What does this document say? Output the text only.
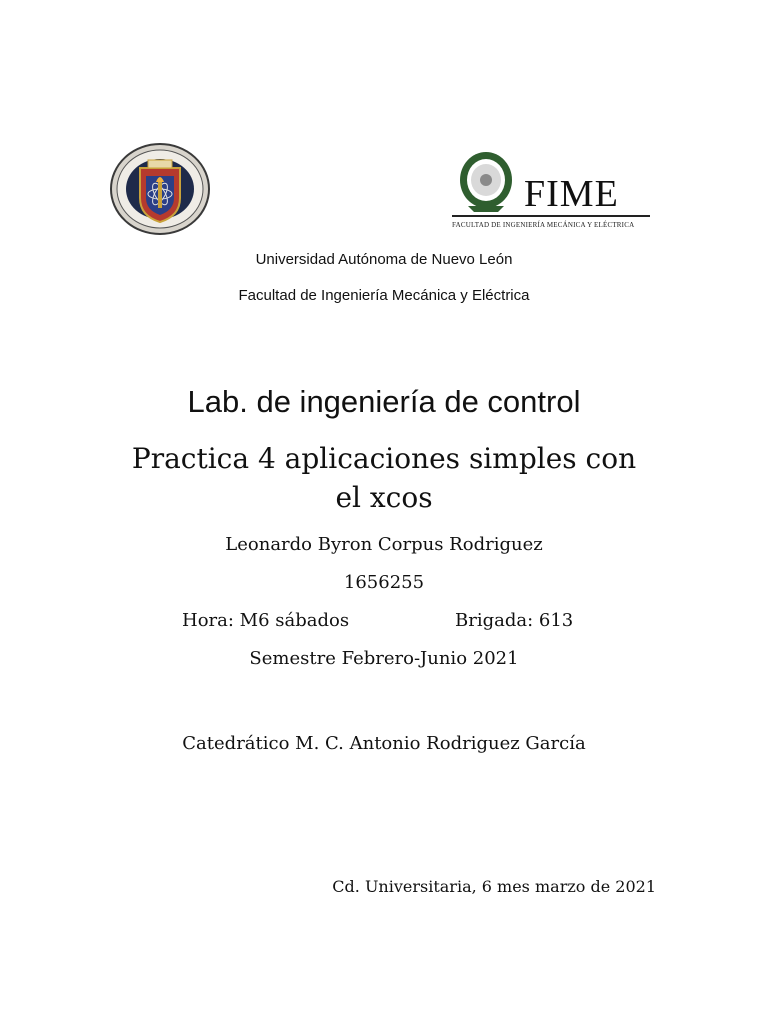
FIME
FACULTAD DE INGENIERÍA MECÁNICA Y ELÉCTRICA
Universidad Autónoma de Nuevo León
Facultad de Ingeniería Mecánica y Eléctrica
Lab. de ingeniería de control
Practica 4 aplicaciones simples con
el xcos
Leonardo Byron Corpus Rodriguez
1656255
Hora: M6 sábados	Brigada: 613
Semestre Febrero-Junio 2021
Catedrático M. C. Antonio Rodriguez García
Cd. Universitaria, 6 mes marzo de 2021
